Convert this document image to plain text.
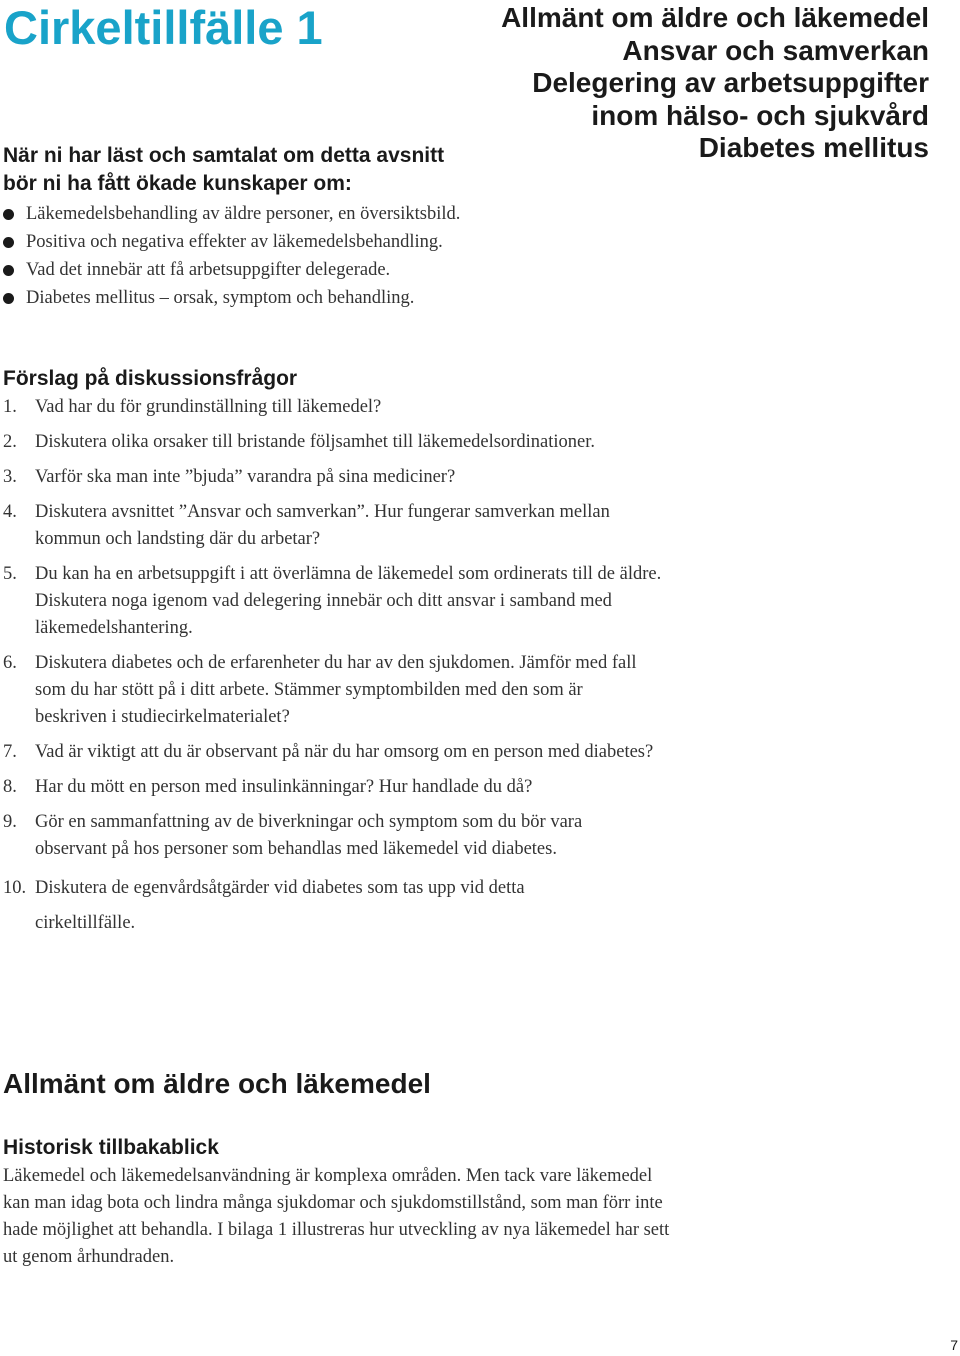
Cirkeltillfälle 1	Allmänt om äldre och läkemedel
Ansvar och samverkan
Delegering av arbetsuppgifter
inom hälso- och sjukvård
Diabetes mellitus
När ni har läst och samtalat om detta avsnitt
bör ni ha fått ökade kunskaper om:
Läkemedelsbehandling av äldre personer, en översiktsbild.
Positiva och negativa effekter av läkemedelsbehandling.
Vad det innebär att få arbetsuppgifter delegerade.
Diabetes mellitus – orsak, symptom och behandling.
Förslag på diskussionsfrågor
1. Vad har du för grundinställning till läkemedel?
2. Diskutera olika orsaker till bristande följsamhet till läkemedelsordinationer.
3. Varför ska man inte ”bjuda” varandra på sina mediciner?
4. Diskutera avsnittet ”Ansvar och samverkan”. Hur fungerar samverkan mellan kommun och landsting där du arbetar?
5. Du kan ha en arbetsuppgift i att överlämna de läkemedel som ordinerats till de äldre. Diskutera noga igenom vad delegering innebär och ditt ansvar i samband med läkemedelshantering.
6. Diskutera diabetes och de erfarenheter du har av den sjukdomen. Jämför med fall som du har stött på i ditt arbete. Stämmer symptombilden med den som är beskriven i studiecirkelmaterialet?
7. Vad är viktigt att du är observant på när du har omsorg om en person med diabetes?
8. Har du mött en person med insulinkänningar? Hur handlade du då?
9. Gör en sammanfattning av de biverkningar och symptom som du bör vara observant på hos personer som behandlas med läkemedel vid diabetes.
10. Diskutera de egenvårdsåtgärder vid diabetes som tas upp vid detta cirkeltillfälle.
Allmänt om äldre och läkemedel
Historisk tillbakablick

Läkemedel och läkemedelsanvändning är komplexa områden. Men tack vare läkemedel kan man idag bota och lindra många sjukdomar och sjukdomstillstånd, som man förr inte hade möjlighet att behandla. I bilaga 1 illustreras hur utveckling av nya läkemedel har sett ut genom århundraden.

7
